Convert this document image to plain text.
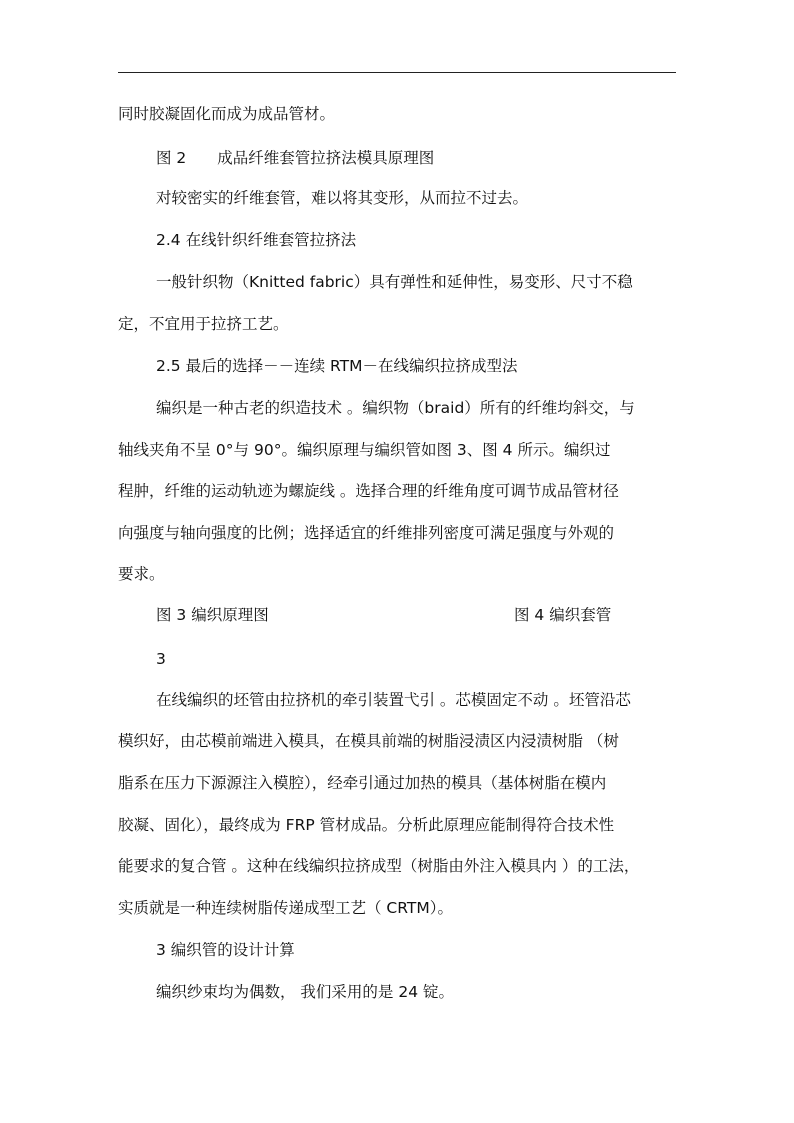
同时胶凝固化而成为成品管材。
图 2　　成品纤维套管拉挤法模具原理图
对较密实的纤维套管，难以将其变形，从而拉不过去。
2.4 在线针织纤维套管拉挤法
一般针织物（Knitted fabric）具有弹性和延伸性，易变形、尺寸不稳
定，不宜用于拉挤工艺。
2.5 最后的选择－－连续 RTM－在线编织拉挤成型法
编织是一种古老的织造技术 。编织物（braid）所有的纤维均斜交，与
轴线夹角不呈 0°与 90°。编织原理与编织管如图 3、图 4 所示。编织过
程肿，纤维的运动轨迹为螺旋线 。选择合理的纤维角度可调节成品管材径
向强度与轴向强度的比例；选择适宜的纤维排列密度可满足强度与外观的
要求。
图 3 编织原理图	图 4 编织套管
3
在线编织的坯管由拉挤机的牵引装置弋引 。芯模固定不动 。坯管沿芯
模织好，由芯模前端进入模具，在模具前端的树脂浸渍区内浸渍树脂 （树
脂系在压力下源源注入模腔），经牵引通过加热的模具（基体树脂在模内
胶凝、固化），最终成为 FRP 管材成品。分析此原理应能制得符合技术性
能要求的复合管 。这种在线编织拉挤成型（树脂由外注入模具内 ）的工法，
实质就是一种连续树脂传递成型工艺（ CRTM）。
3 编织管的设计计算
编织纱束均为偶数， 我们采用的是 24 锭。
